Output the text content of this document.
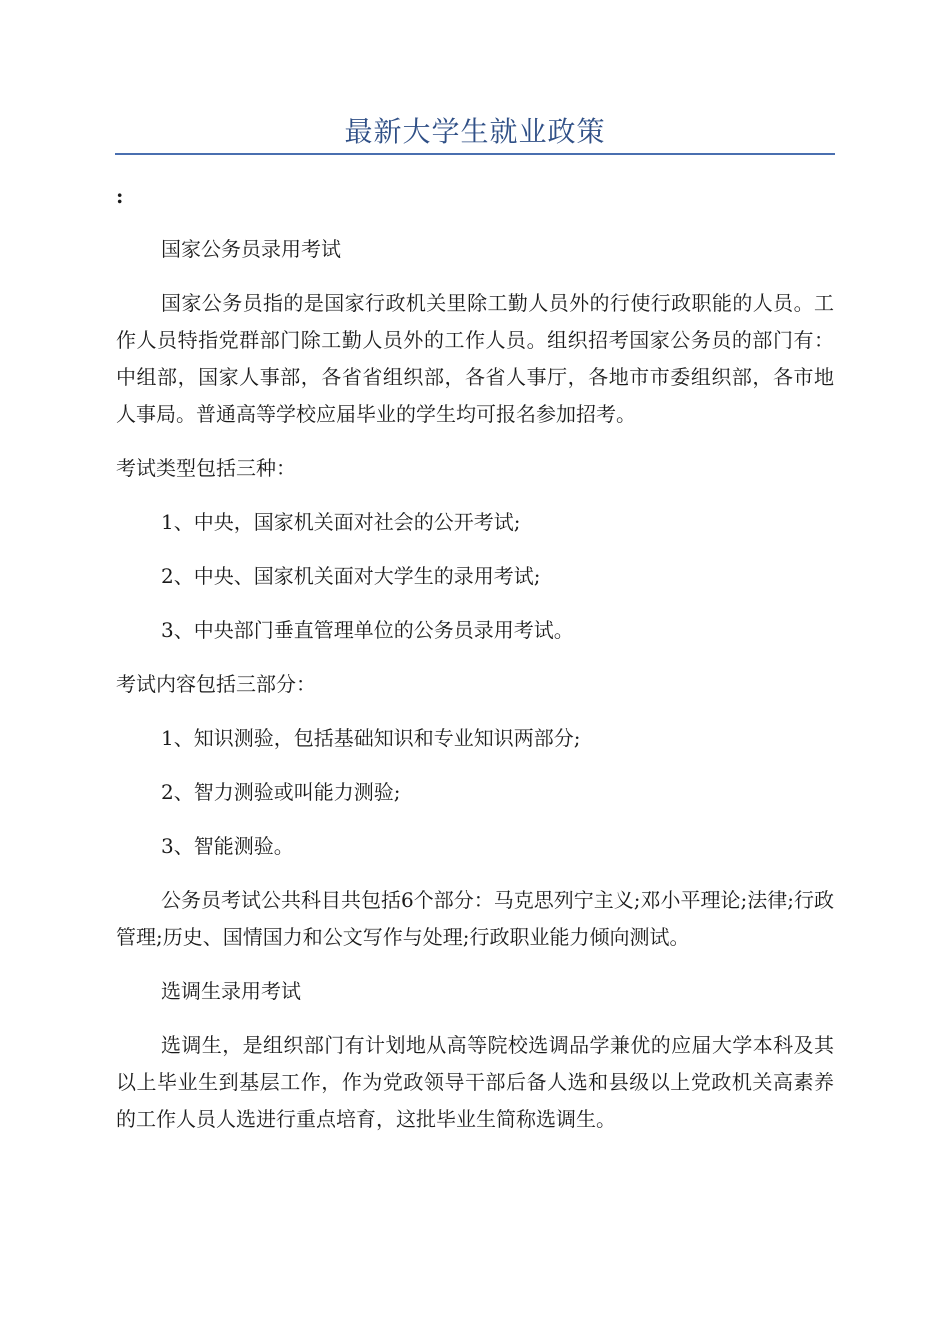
最新大学生就业政策

:

国家公务员录用考试

国家公务员指的是国家行政机关里除工勤人员外的行使行政职能的人员。工作人员特指党群部门除工勤人员外的工作人员。组织招考国家公务员的部门有：中组部，国家人事部，各省省组织部，各省人事厅，各地市市委组织部，各市地人事局。普通高等学校应届毕业的学生均可报名参加招考。

考试类型包括三种：

1、中央，国家机关面对社会的公开考试;

2、中央、国家机关面对大学生的录用考试;

3、中央部门垂直管理单位的公务员录用考试。

考试内容包括三部分：

1、知识测验，包括基础知识和专业知识两部分;

2、智力测验或叫能力测验;

3、智能测验。

公务员考试公共科目共包括6个部分：马克思列宁主义;邓小平理论;法律;行政管理;历史、国情国力和公文写作与处理;行政职业能力倾向测试。

选调生录用考试

选调生，是组织部门有计划地从高等院校选调品学兼优的应届大学本科及其以上毕业生到基层工作，作为党政领导干部后备人选和县级以上党政机关高素养的工作人员人选进行重点培育，这批毕业生简称选调生。
